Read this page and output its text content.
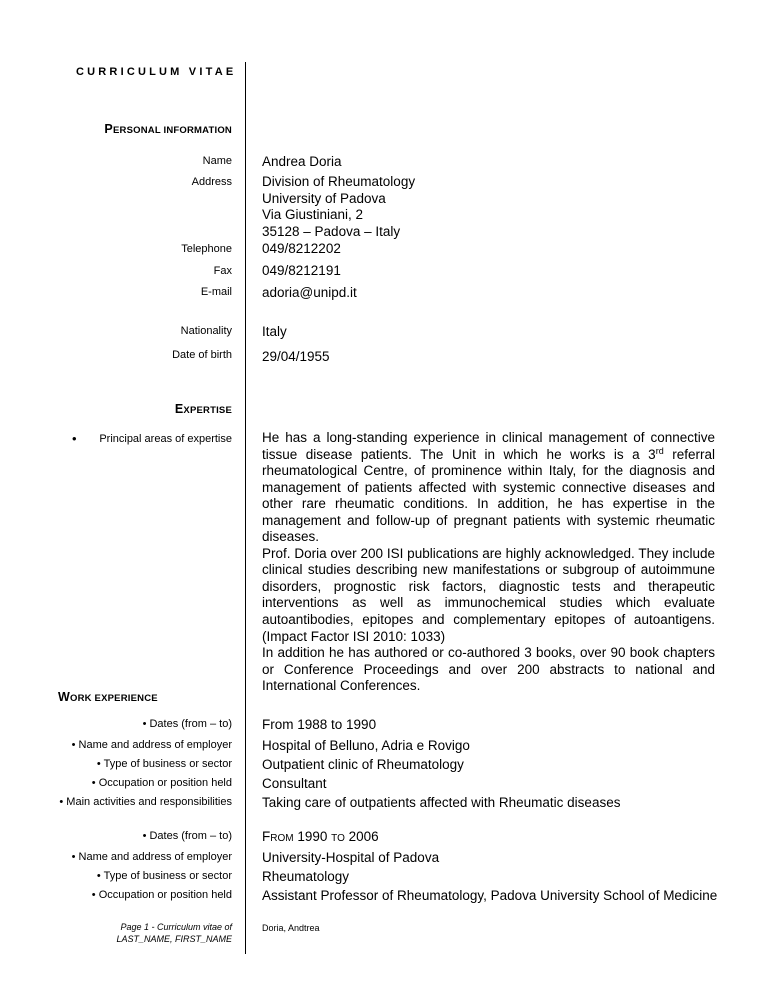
CURRICULUM VITAE
PERSONAL INFORMATION
Name Andrea Doria
Address Division of Rheumatology
University of Padova
Via Giustiniani, 2
35128 – Padova – Italy
Telephone 049/8212202
Fax 049/8212191
E-mail adoria@unipd.it
Nationality Italy
Date of birth 29/04/1955
EXPERTISE
• Principal areas of expertise He has a long-standing experience in clinical management of connective tissue disease patients. The Unit in which he works is a 3rd referral rheumatological Centre, of prominence within Italy, for the diagnosis and management of patients affected with systemic connective diseases and other rare rheumatic conditions. In addition, he has expertise in the management and follow-up of pregnant patients with systemic rheumatic diseases.

Prof. Doria over 200 ISI publications are highly acknowledged. They include clinical studies describing new manifestations or subgroup of autoimmune disorders, prognostic risk factors, diagnostic tests and therapeutic interventions as well as immunochemical studies which evaluate autoantibodies, epitopes and complementary epitopes of autoantigens. (Impact Factor ISI 2010: 1033)

In addition he has authored or co-authored 3 books, over 90 book chapters or Conference Proceedings and over 200 abstracts to national and International Conferences.

WORK EXPERIENCE
• Dates (from – to) From 1988 to 1990
• Name and address of employer Hospital of Belluno, Adria e Rovigo
• Type of business or sector Outpatient clinic of Rheumatology
• Occupation or position held Consultant
• Main activities and responsibilities Taking care of outpatients affected with Rheumatic diseases
• Dates (from – to) FROM 1990 TO 2006
• Name and address of employer University-Hospital of Padova
• Type of business or sector Rheumatology
• Occupation or position held Assistant Professor of Rheumatology, Padova University School of Medicine
Page 1 - Curriculum vitae of
LAST_NAME, FIRST_NAME
Doria, Andtrea
